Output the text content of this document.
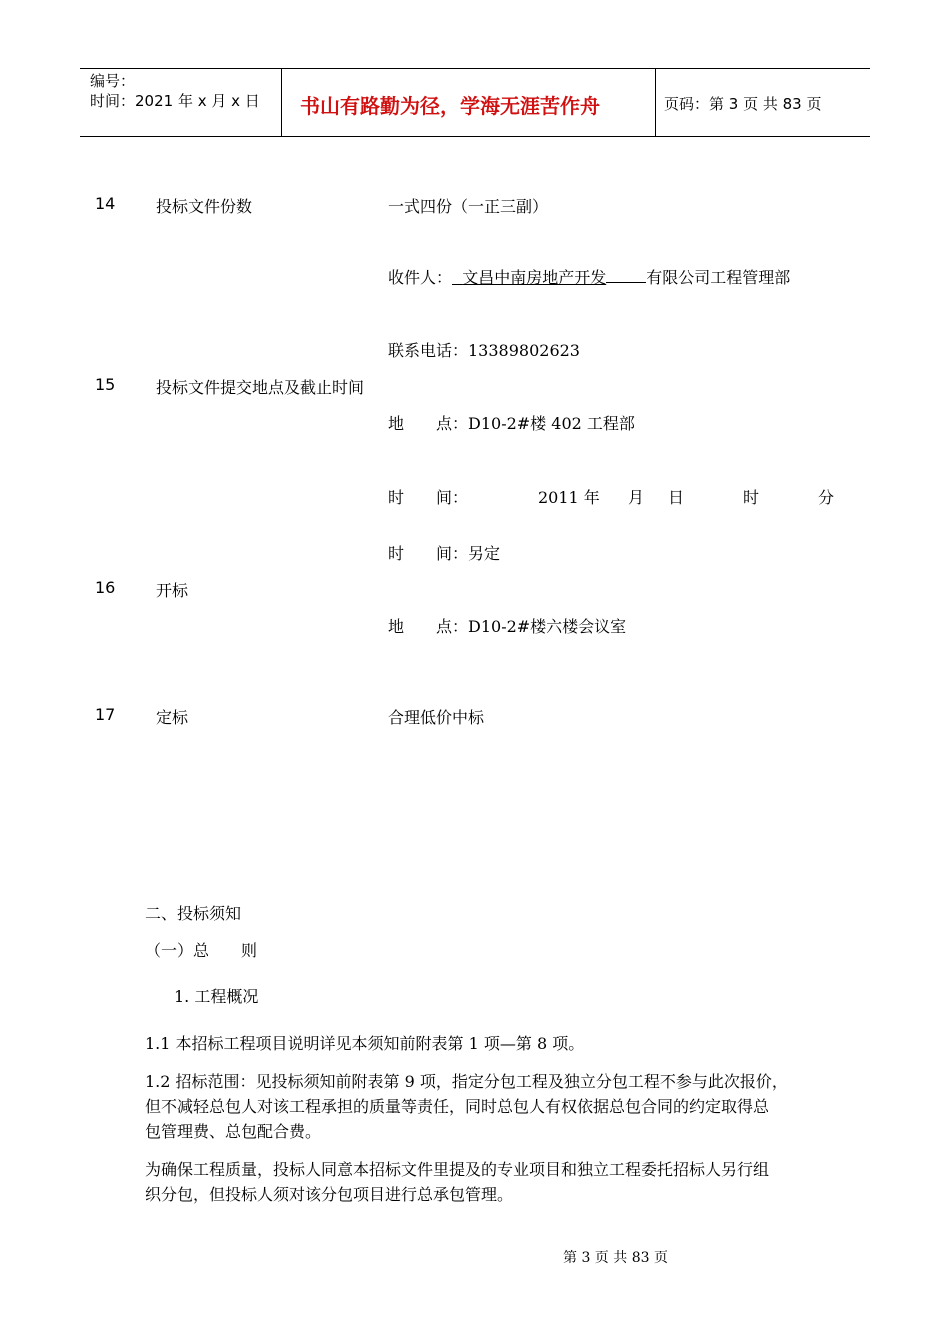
编号：
时间：2021 年 x 月 x 日 书山有路勤为径，学海无涯苦作舟	页码：第 3 页 共 83 页
14	投标文件份数	一式四份（一正三副）
收件人： 文昌中南房地产开发	有限公司工程管理部
联系电话：13389802623
15	投标文件提交地点及截止时间
地　　点：D10-2#楼 402 工程部
时　　间：	2011 年 月 日	时	分
时　　间：另定
16	开标
地　　点：D10-2#楼六楼会议室
17	定标	合理低价中标
二、投标须知
（一）总　　则
1. 工程概况
1.1 本招标工程项目说明详见本须知前附表第 1 项—第 8 项。
1.2 招标范围：见投标须知前附表第 9 项，指定分包工程及独立分包工程不参与此次报价，
但不减轻总包人对该工程承担的质量等责任，同时总包人有权依据总包合同的约定取得总
包管理费、总包配合费。
为确保工程质量，投标人同意本招标文件里提及的专业项目和独立工程委托招标人另行组
织分包，但投标人须对该分包项目进行总承包管理。
第 3 页 共 83 页
